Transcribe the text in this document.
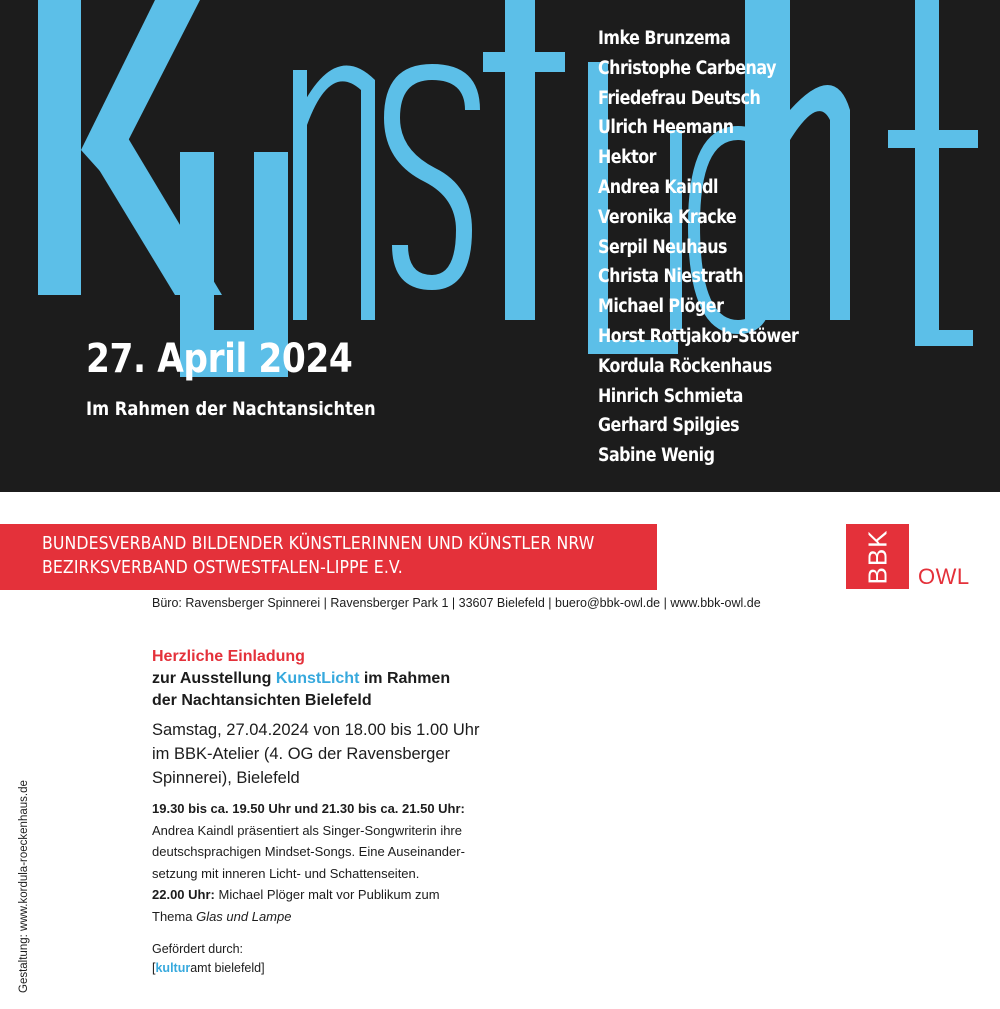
27. April 2024
Im Rahmen der Nachtansichten
Imke Brunzema
Christophe Carbenay
Friedefrau Deutsch
Ulrich Heemann
Hektor
Andrea Kaindl
Veronika Kracke
Serpil Neuhaus
Christa Niestrath
Michael Plöger
Horst Rottjakob-Stöwer
Kordula Röckenhaus
Hinrich Schmieta
Gerhard Spilgies
Sabine Wenig
BUNDESVERBAND BILDENDER KÜNSTLERINNEN UND KÜNSTLER NRW
BEZIRKSVERBAND OSTWESTFALEN-LIPPE E.V.
Büro: Ravensberger Spinnerei | Ravensberger Park 1 | 33607 Bielefeld | buero@bbk-owl.de | www.bbk-owl.de
BBK OWL
Herzliche Einladung
zur Ausstellung KunstLicht im Rahmen
der Nachtansichten Bielefeld
Samstag, 27.04.2024 von 18.00 bis 1.00 Uhr
im BBK-Atelier (4. OG der Ravensberger
Spinnerei), Bielefeld
19.30 bis ca. 19.50 Uhr und 21.30 bis ca. 21.50 Uhr:
Andrea Kaindl präsentiert als Singer-Songwriterin ihre
deutschsprachigen Mindset-Songs. Eine Auseinander-
setzung mit inneren Licht- und Schattenseiten.
22.00 Uhr: Michael Plöger malt vor Publikum zum
Thema Glas und Lampe
Gefördert durch:
[kulturamt bielefeld]
Gestaltung: www.kordula-roeckenhaus.de
